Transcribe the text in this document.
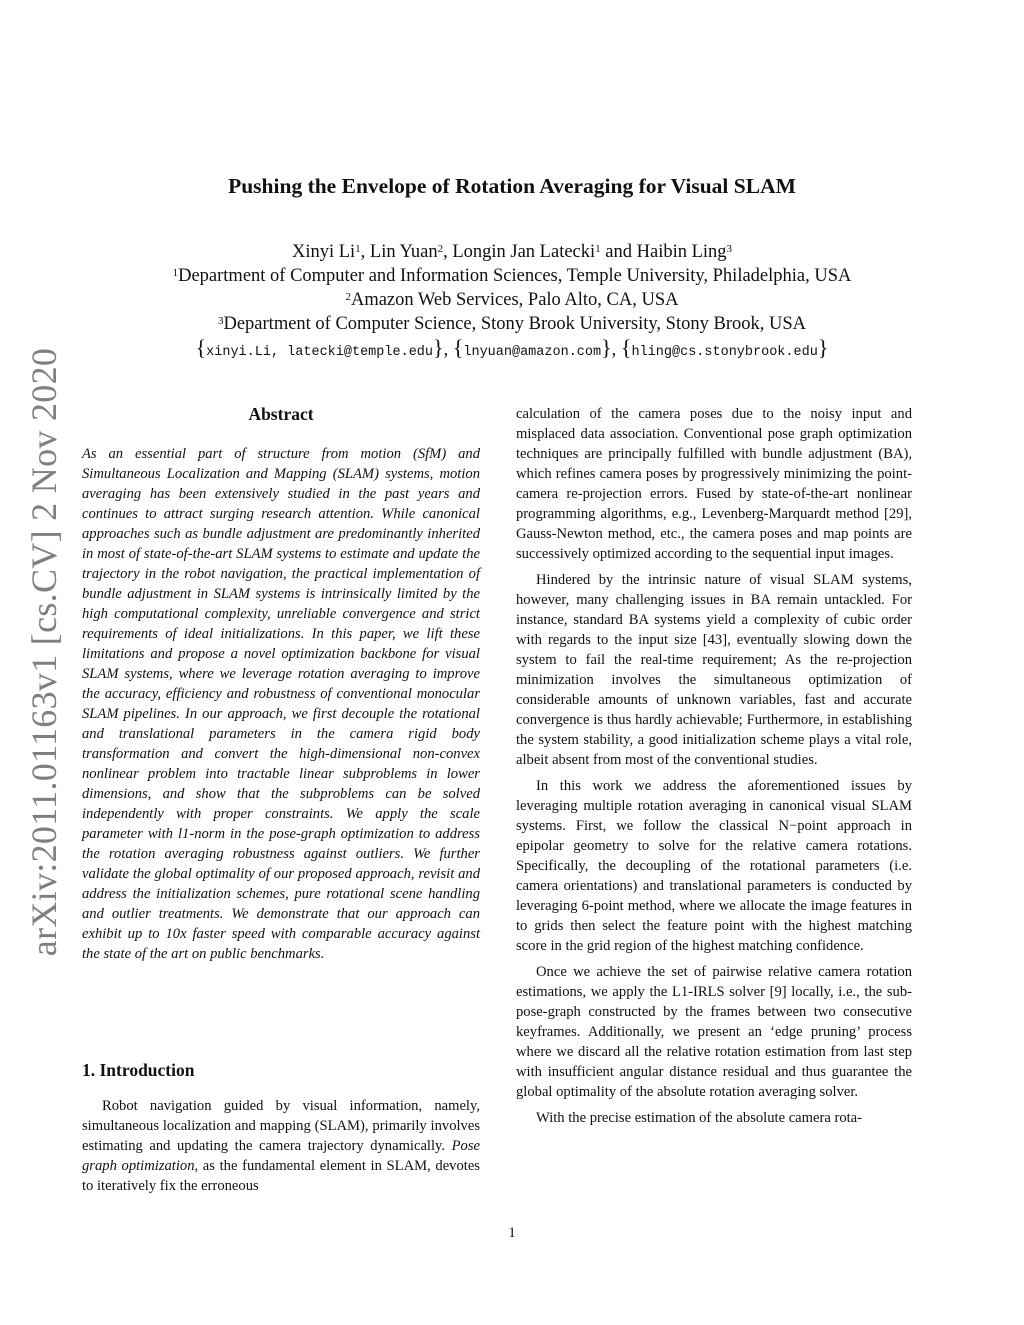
arXiv:2011.01163v1 [cs.CV] 2 Nov 2020
Pushing the Envelope of Rotation Averaging for Visual SLAM
Xinyi Li$^1$, Lin Yuan$^2$, Longin Jan Latecki$^1$ and Haibin Ling$^3$
$^1$Department of Computer and Information Sciences, Temple University, Philadelphia, USA
$^2$Amazon Web Services, Palo Alto, CA, USA
$^3$Department of Computer Science, Stony Brook University, Stony Brook, USA
{xinyi.Li, latecki@temple.edu}, {lnyuan@amazon.com}, {hling@cs.stonybrook.edu}
Abstract
As an essential part of structure from motion (SfM) and Simultaneous Localization and Mapping (SLAM) systems, motion averaging has been extensively studied in the past years and continues to attract surging research attention. While canonical approaches such as bundle adjustment are predominantly inherited in most of state-of-the-art SLAM systems to estimate and update the trajectory in the robot navigation, the practical implementation of bundle adjustment in SLAM systems is intrinsically limited by the high computational complexity, unreliable convergence and strict requirements of ideal initializations. In this paper, we lift these limitations and propose a novel optimization backbone for visual SLAM systems, where we leverage rotation averaging to improve the accuracy, efficiency and robustness of conventional monocular SLAM pipelines. In our approach, we first decouple the rotational and translational parameters in the camera rigid body transformation and convert the high-dimensional non-convex nonlinear problem into tractable linear subproblems in lower dimensions, and show that the subproblems can be solved independently with proper constraints. We apply the scale parameter with l1-norm in the pose-graph optimization to address the rotation averaging robustness against outliers. We further validate the global optimality of our proposed approach, revisit and address the initialization schemes, pure rotational scene handling and outlier treatments. We demonstrate that our approach can exhibit up to 10x faster speed with comparable accuracy against the state of the art on public benchmarks.
1. Introduction

Robot navigation guided by visual information, namely, simultaneous localization and mapping (SLAM), primarily involves estimating and updating the camera trajectory dynamically. Pose graph optimization, as the fundamental element in SLAM, devotes to iteratively fix the erroneous

calculation of the camera poses due to the noisy input and misplaced data association. Conventional pose graph optimization techniques are principally fulfilled with bundle adjustment (BA), which refines camera poses by progressively minimizing the point-camera re-projection errors. Fused by state-of-the-art nonlinear programming algorithms, e.g., Levenberg-Marquardt method [29], Gauss-Newton method, etc., the camera poses and map points are successively optimized according to the sequential input images.

Hindered by the intrinsic nature of visual SLAM systems, however, many challenging issues in BA remain untackled. For instance, standard BA systems yield a complexity of cubic order with regards to the input size [43], eventually slowing down the system to fail the real-time requirement; As the re-projection minimization involves the simultaneous optimization of considerable amounts of unknown variables, fast and accurate convergence is thus hardly achievable; Furthermore, in establishing the system stability, a good initialization scheme plays a vital role, albeit absent from most of the conventional studies.

In this work we address the aforementioned issues by leveraging multiple rotation averaging in canonical visual SLAM systems. First, we follow the classical N−point approach in epipolar geometry to solve for the relative camera rotations. Specifically, the decoupling of the rotational parameters (i.e. camera orientations) and translational parameters is conducted by leveraging 6-point method, where we allocate the image features in to grids then select the feature point with the highest matching score in the grid region of the highest matching confidence.

Once we achieve the set of pairwise relative camera rotation estimations, we apply the L1-IRLS solver [9] locally, i.e., the sub-pose-graph constructed by the frames between two consecutive keyframes. Additionally, we present an ‘edge pruning’ process where we discard all the relative rotation estimation from last step with insufficient angular distance residual and thus guarantee the global optimality of the absolute rotation averaging solver.

With the precise estimation of the absolute camera rota-

1
